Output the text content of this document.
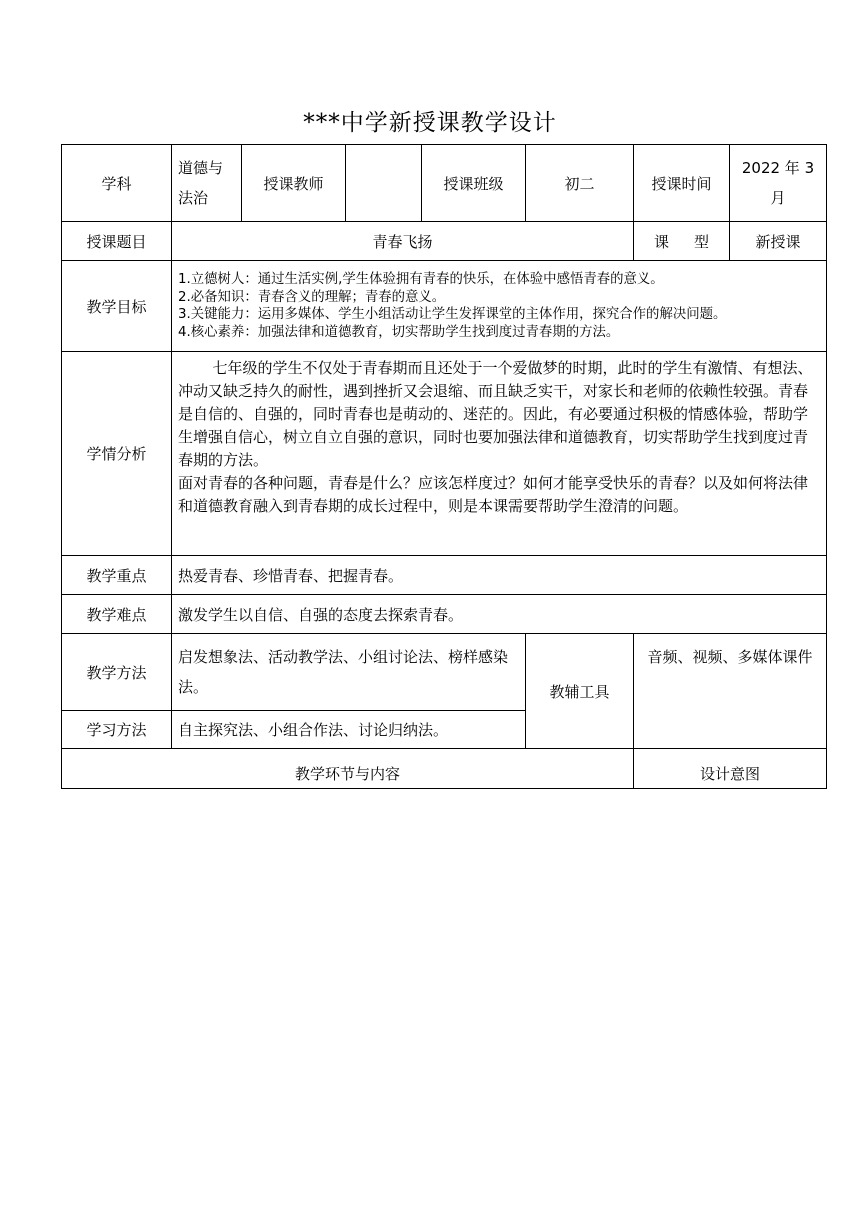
***中学新授课教学设计
学科	道德与法治	授课教师		授课班级	初二	授课时间	2022 年 3 月
授课题目	青春飞扬					课 型	新授课
教学目标	1.立德树人：通过生活实例,学生体验拥有青春的快乐，在体验中感悟青春的意义。

2.必备知识：青春含义的理解；青春的意义。

3.关键能力：运用多媒体、学生小组活动让学生发挥课堂的主体作用，探究合作的解决问题。

4.核心素养：加强法律和道德教育，切实帮助学生找到度过青春期的方法。						

学情分析	七年级的学生不仅处于青春期而且还处于一个爱做梦的时期，此时的学生有激情、有想法、冲动又缺乏持久的耐性，遇到挫折又会退缩、而且缺乏实干，对家长和老师的依赖性较强。青春是自信的、自强的，同时青春也是萌动的、迷茫的。因此，有必要通过积极的情感体验，帮助学生增强自信心，树立自立自强的意识，同时也要加强法律和道德教育，切实帮助学生找到度过青春期的方法。

面对青春的各种问题，青春是什么？应该怎样度过？如何才能享受快乐的青春？以及如何将法律和道德教育融入到青春期的成长过程中，则是本课需要帮助学生澄清的问题。						

教学重点	热爱青春、珍惜青春、把握青春。						
教学难点	激发学生以自信、自强的态度去探索青春。						
教学方法	启发想象法、活动教学法、小组讨论法、榜样感染法。				教辅工具	音频、视频、多媒体课件	
学习方法	自主探究法、小组合作法、讨论归纳法。						
教学环节与内容						设计意图	
